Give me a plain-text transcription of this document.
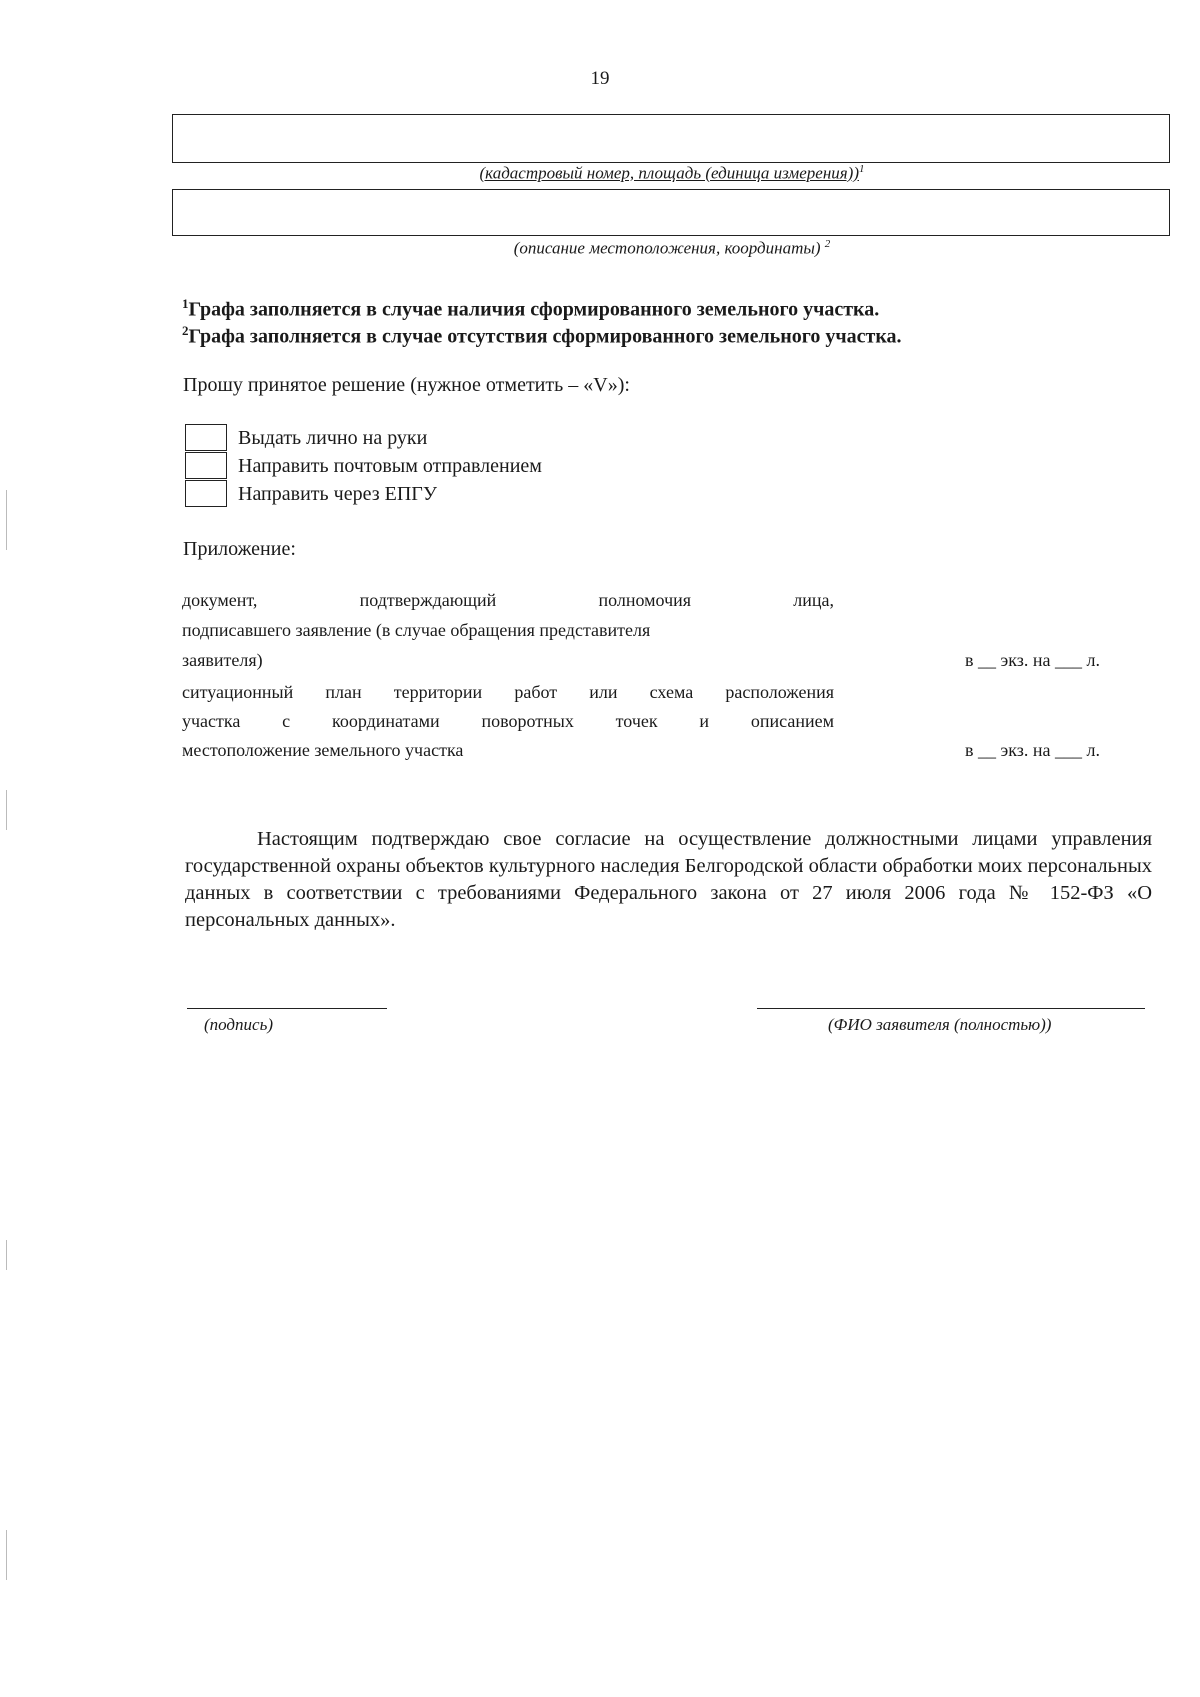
19
(кадастровый номер, площадь (единица измерения))$^1$
(описание местоположения, координаты) $^2$
$^1$Графа заполняется в случае наличия сформированного земельного участка.
$^2$Графа заполняется в случае отсутствия сформированного земельного участка.
Прошу принятое решение (нужное отметить – «V»):
Выдать лично на руки
Направить почтовым отправлением
Направить через ЕПГУ
Приложение:
документ, подтверждающий полномочия лица,
подписавшего заявление (в случае обращения представителя
заявителя)	в __ экз. на ___ л.
ситуационный план территории работ или схема расположения
участка с координатами поворотных точек и описанием
местоположение земельного участка	в __ экз. на ___ л.

Настоящим подтверждаю свое согласие на осуществление должностными лицами управления государственной охраны объектов культурного наследия Белгородской области обработки моих персональных данных в соответствии с требованиями Федерального закона от 27 июля 2006 года № 152-ФЗ «О персональных данных».

(подпись)	(ФИО заявителя (полностью))
